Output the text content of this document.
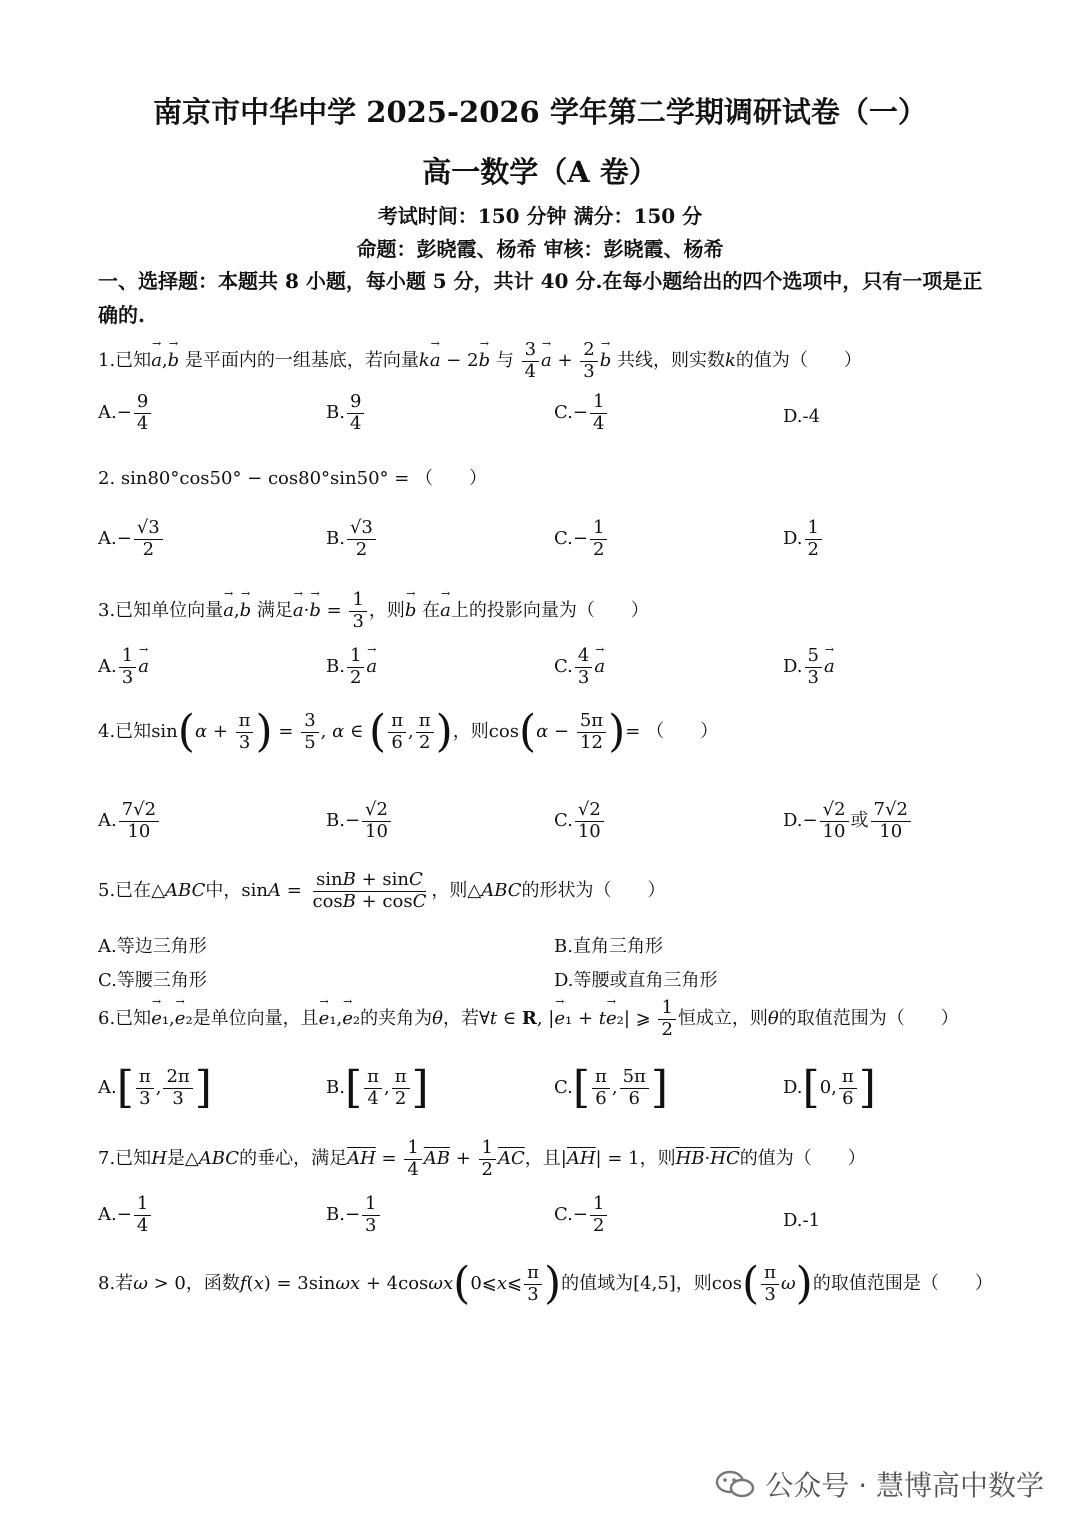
南京市中华中学 2025-2026 学年第二学期调研试卷（一）
高一数学（A 卷）
考试时间：150 分钟 满分：150 分
命题：彭晓霞、杨希 审核：彭晓霞、杨希
一、选择题：本题共 8 小题，每小题 5 分，共计 40 分.在每小题给出的四个选项中，只有一项是正确的.
1.已知→ a,→ b 是平面内的一组基底，若向量k→ a − 2→ b 与 $\frac{3}{4} \to a + \frac{2}{3} \to b$ 共线，则实数k的值为（　　）
$A.- \frac{9}{4}$	B. $\frac{9}{4}$	$C.- \frac{1}{4}$	D.-4
2. sin80°cos50° − cos80°sin50° = （　　）
$A.- \frac{√3}{2}$	B. $\frac{√3}{2}$	$C.- \frac{1}{2}$	D. $\frac{1}{2}$
3.已知单位向量→ a,→ b 满足→ $a\cdot\to b = \frac{1}{3}$ ，则→ b 在→ a上的投影向量为（　　）
A. $\frac{1}{3} \to a$	B. $\frac{1}{2} \to a$	C. $\frac{4}{3} \to a$	D. $\frac{5}{3} \to a$
4.已知$\sin(\alpha + \frac{\pi}{3}$ ) = $\frac{3}{5}$ , α ∈ ( $\frac{\pi}{6}$ , $\frac{\pi}{2}$ )，则$\cos(\alpha - \frac{5\pi}{12}$ )= （　　）
A. $\frac{7√2}{10}$	$B.- \frac{√2}{10}$	C. $\frac{√2}{10}$	$D.- \frac{√2}{10}$ 或 $\frac{7√2}{10}$
5.已在△ABC中，$\sin A = \frac{\sin B + \sin C}{\cos B + \cos C}$ ，则△ABC的形状为（　　）
A.等边三角形	B.直角三角形
C.等腰三角形	D.等腰或直角三角形
6.已知→ e₁,→ e₂是单位向量，且→ e₁,→ e₂的夹角为θ，若∀t ∈ R, |→ e₁ + t→ e₂| ⩾ $\frac{1}{2}$ 恒成立，则θ的取值范围为（　　）
$A.[ \frac{\pi}{3}$ , $\frac{2\pi}{3}$ ]	$B.[ \frac{\pi}{4}$ , $\frac{\pi}{2}$ ]	$C.[ \frac{\pi}{6}$ , $\frac{5\pi}{6}$ ]	D.[0, $\frac{\pi}{6}$ ]
7.已知H是△ABC的垂心，满足$\overline{AH} = \frac{1}{4} \overline{AB} + \frac{1}{2} \overline{AC}$，且$|\overline{AH}| = 1$，则$\overline{HB}\cdot\overline{HC}$的值为（　　）
$A.- \frac{1}{4}$	$B.- \frac{1}{3}$	$C.- \frac{1}{2}$	D.-1
8.若ω > 0，函数f(x) = 3sinωx + 4cosωx(0⩽x⩽ $\frac{\pi}{3}$ )的值域为[4,5]，则$\cos( \frac{\pi}{3} \omega)$的取值范围是（　　）
公众号 · 慧博高中数学
